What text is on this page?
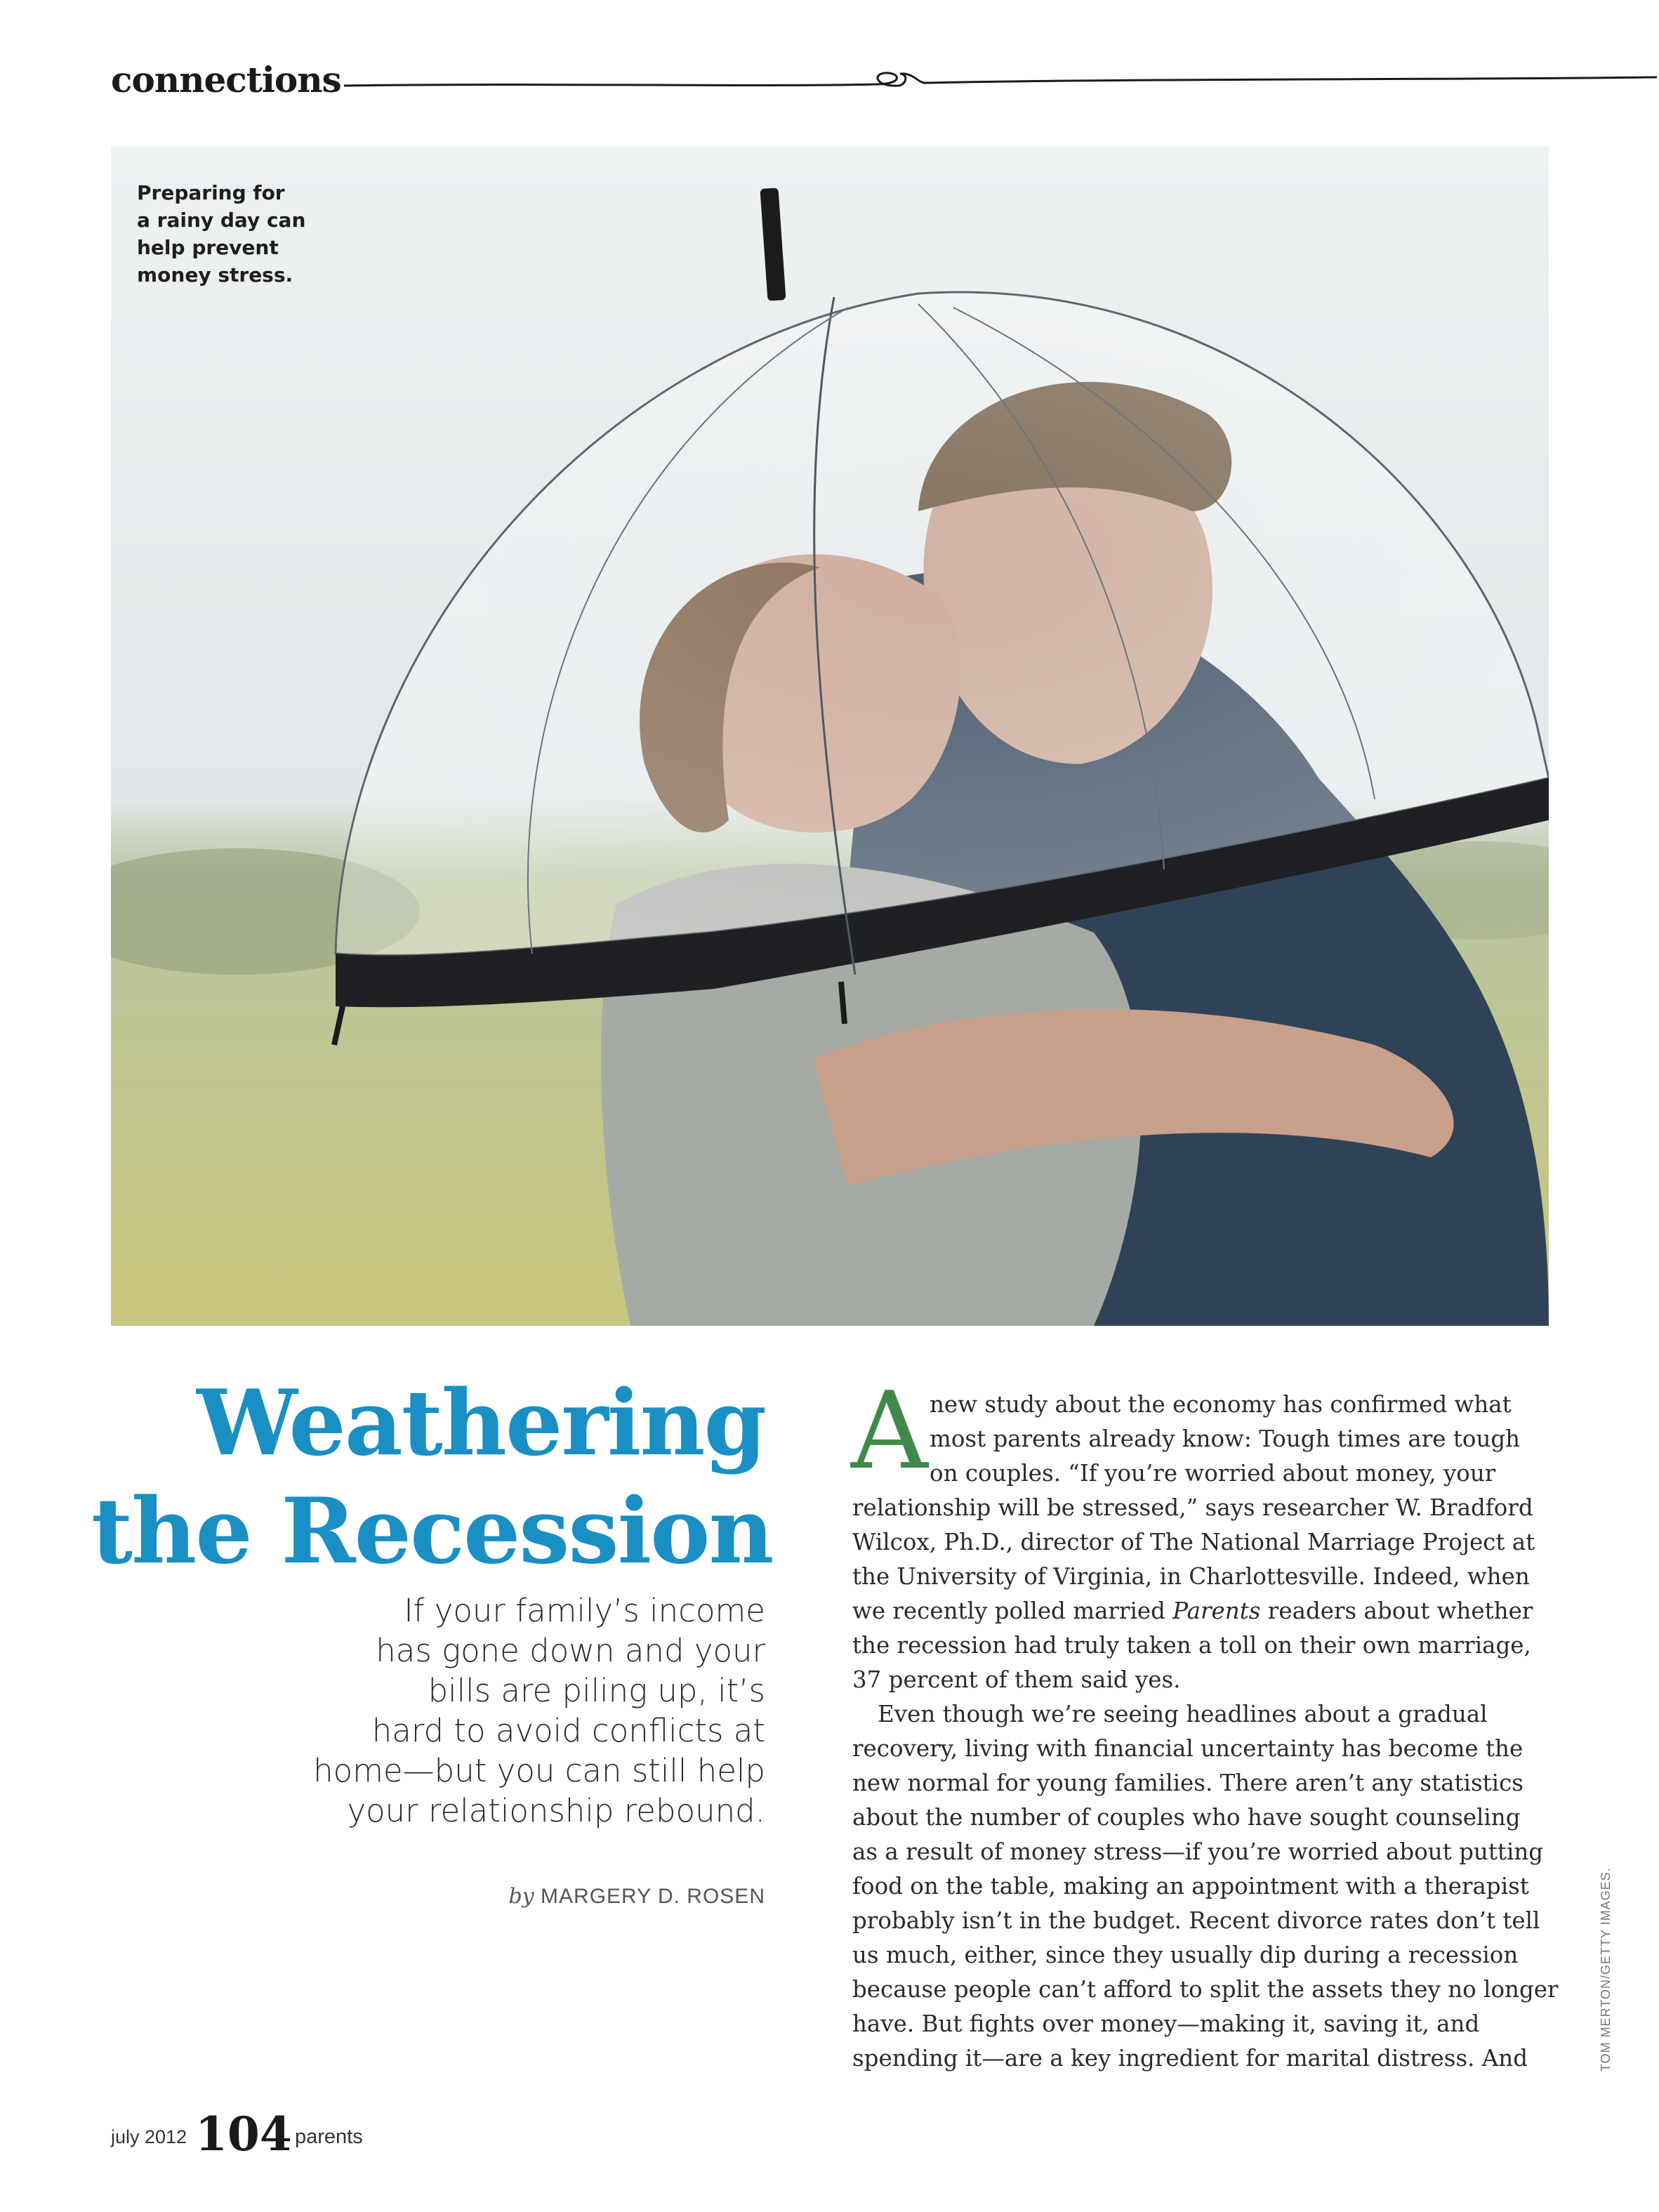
connections

Preparing for
a rainy day can
help prevent
money stress.

Weathering
the Recession

If your family’s income
has gone down and your
bills are piling up, it’s
hard to avoid conflicts at
home—but you can still help
your relationship rebound.

by MARGERY D. ROSEN

A new study about the economy has confirmed what
most parents already know: Tough times are tough
on couples. “If you’re worried about money, your
relationship will be stressed,” says researcher W. Bradford
Wilcox, Ph.D., director of The National Marriage Project at
the University of Virginia, in Charlottesville. Indeed, when
we recently polled married Parents readers about whether
the recession had truly taken a toll on their own marriage,
37 percent of them said yes.
Even though we’re seeing headlines about a gradual
recovery, living with financial uncertainty has become the
new normal for young families. There aren’t any statistics
about the number of couples who have sought counseling
as a result of money stress—if you’re worried about putting
food on the table, making an appointment with a therapist
probably isn’t in the budget. Recent divorce rates don’t tell
us much, either, since they usually dip during a recession
because people can’t afford to split the assets they no longer
have. But fights over money—making it, saving it, and
spending it—are a key ingredient for marital distress. And	TOM MERTON/GETTY IMAGES.
july 2012 104 parents
